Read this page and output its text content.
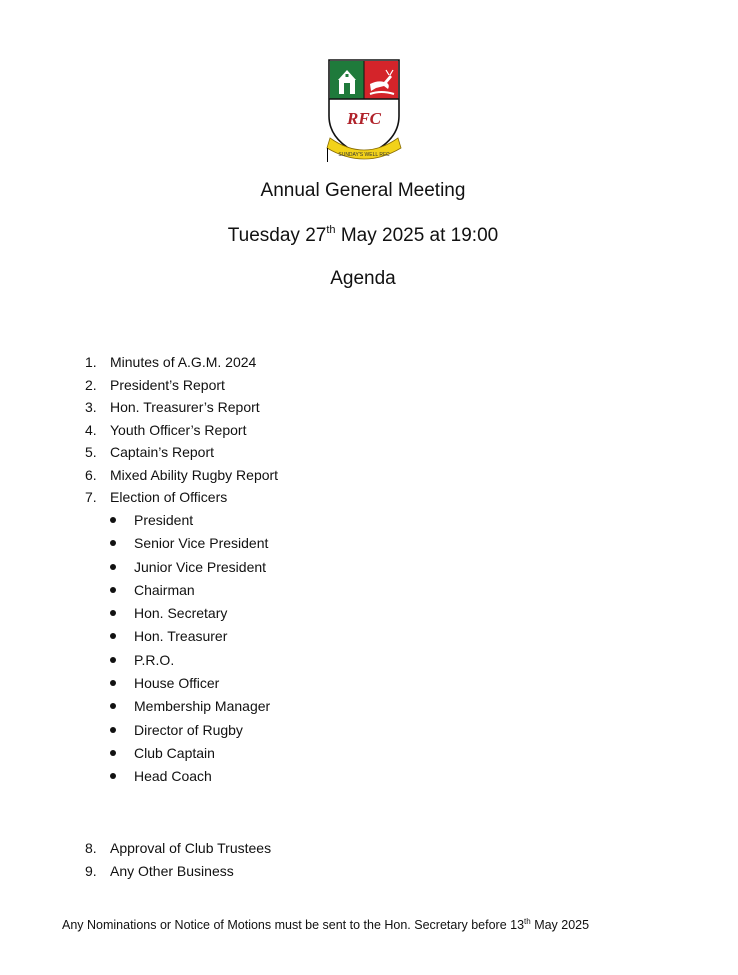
RFC
SUNDAY'S WELL RFC
Annual General Meeting
Tuesday 27th May 2025 at 19:00
Agenda
1. Minutes of A.G.M. 2024
2. President’s Report
3. Hon. Treasurer’s Report
4. Youth Officer’s Report
5. Captain’s Report
6. Mixed Ability Rugby Report
7. Election of Officers
President
Senior Vice President
Junior Vice President
Chairman
Hon. Secretary
Hon. Treasurer
P.R.O.
House Officer
Membership Manager
Director of Rugby
Club Captain
Head Coach
8. Approval of Club Trustees
9. Any Other Business
Any Nominations or Notice of Motions must be sent to the Hon. Secretary before 13th May 2025
